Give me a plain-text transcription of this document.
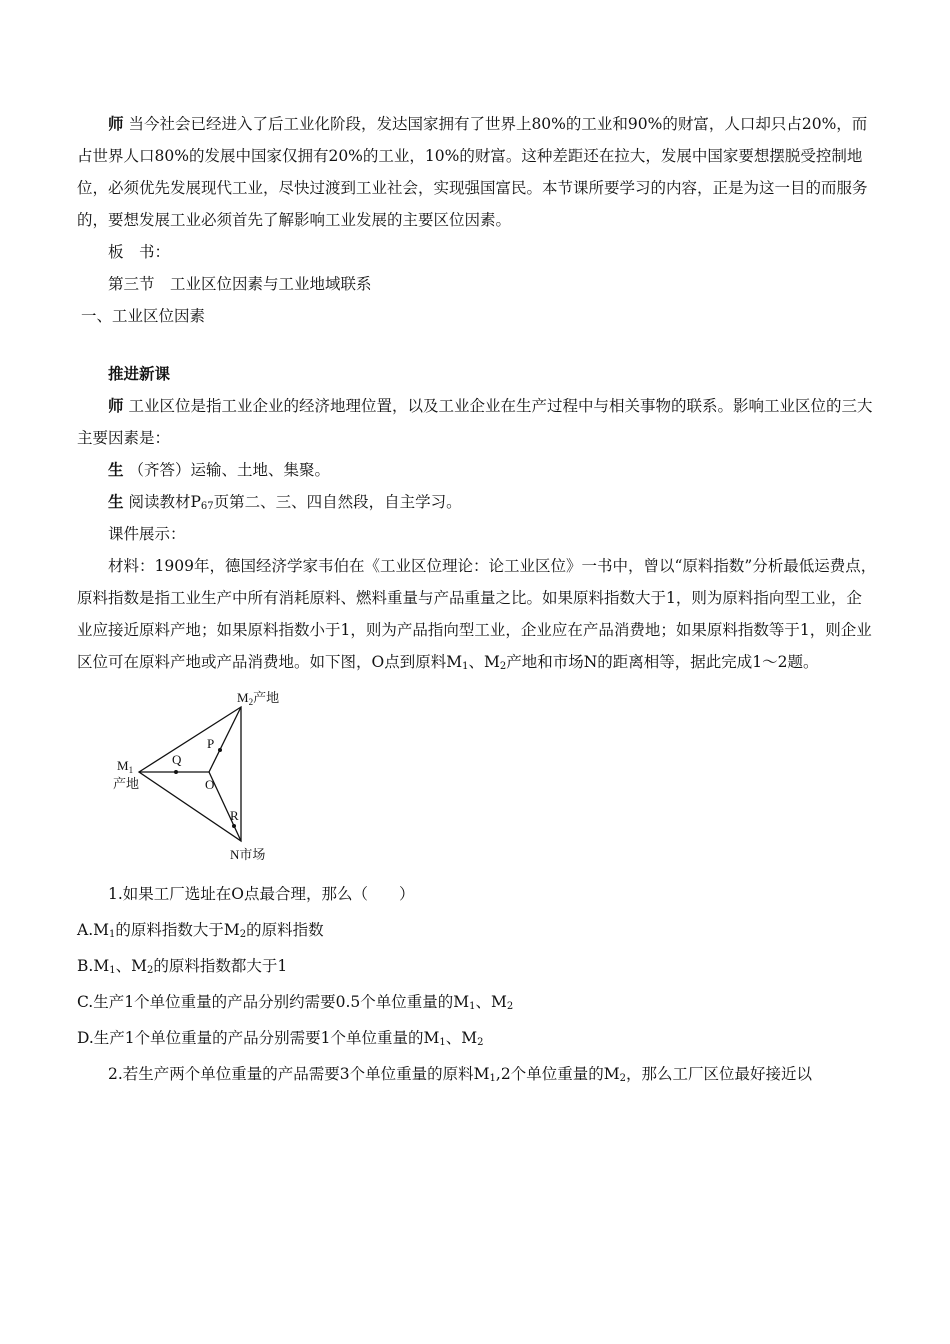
师 当今社会已经进入了后工业化阶段，发达国家拥有了世界上80%的工业和90%的财富，人口却只占20%，而占世界人口80%的发展中国家仅拥有20%的工业，10%的财富。这种差距还在拉大，发展中国家要想摆脱受控制地位，必须优先发展现代工业，尽快过渡到工业社会，实现强国富民。本节课所要学习的内容，正是为这一目的而服务的，要想发展工业必须首先了解影响工业发展的主要区位因素。

板　书：

第三节　工业区位因素与工业地域联系

一、工业区位因素

推进新课

师 工业区位是指工业企业的经济地理位置，以及工业企业在生产过程中与相关事物的联系。影响工业区位的三大主要因素是：

生 （齐答）运输、土地、集聚。

生 阅读教材$P_{67}$页第二、三、四自然段，自主学习。

课件展示：

材料：1909年，德国经济学家韦伯在《工业区位理论：论工业区位》一书中，曾以“原料指数”分析最低运费点，原料指数是指工业生产中所有消耗原料、燃料重量与产品重量之比。如果原料指数大于1，则为原料指向型工业，企业应接近原料产地；如果原料指数小于1，则为产品指向型工业，企业应在产品消费地；如果原料指数等于1，则企业区位可在原料产地或产品消费地。如下图，O点到原料$M_1$、$M_2$产地和市场N的距离相等，据此完成1～2题。

$M_2$产地
$M_1$
产地
N市场
O
P
Q
R

1.如果工厂选址在O点最合理，那么（　　）

$A.M_1$的原料指数大于$M_2$的原料指数

$B.M_1$、$M_2$的原料指数都大于1

C.生产1个单位重量的产品分别约需要0.5个单位重量的$M_1$、$M_2$

D.生产1个单位重量的产品分别需要1个单位重量的$M_1$、$M_2$

2.若生产两个单位重量的产品需要3个单位重量的原料$M_1,2$个单位重量的$M_2$，那么工厂区位最好接近以
